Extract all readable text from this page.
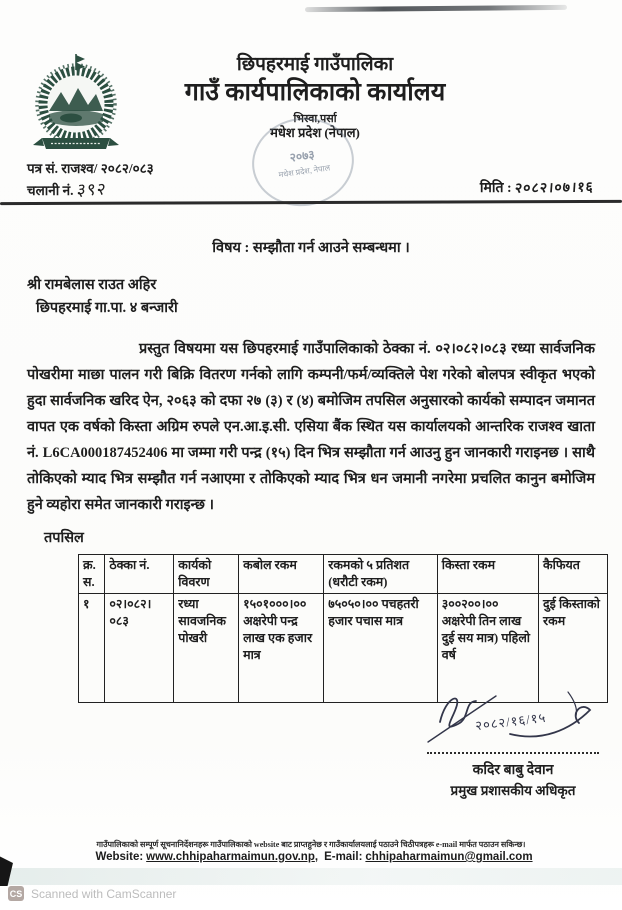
छिपहरमाई गाउँपालिका
गाउँ कार्यपालिकाको कार्यालय
भिस्वा,पर्सा
मधेश प्रदेश (नेपाल)
२०७३
मधेश प्रदेश, नेपाल
पत्र सं. राजश्व/ २०८२/०८३
चलानी नं. ३९२	मिति : २०८२।०७।१६
विषय : सम्झौता गर्न आउने सम्बन्धमा ।
श्री रामबेलास राउत अहिर
छिपहरमाई गा.पा. ४ बन्जारी

प्रस्तुत विषयमा यस छिपहरमाई गाउँपालिकाको ठेक्का नं. ०२।०८२।०८३ रध्या सार्वजनिक पोखरीमा माछा पालन गरी बिक्रि वितरण गर्नको लागि कम्पनी/फर्म/व्यक्तिले पेश गरेको बोलपत्र स्वीकृत भएको हुदा सार्वजनिक खरिद ऐन, २०६३ को दफा २७ (३) र (४) बमोजिम तपसिल अनुसारको कार्यको सम्पादन जमानत वापत एक वर्षको किस्ता अग्रिम रुपले एन.आ.इ.सी. एसिया बैंक स्थित यस कार्यालयको आन्तरिक राजश्व खाता नं. L6CA000187452406 मा जम्मा गरी पन्द्र (१५) दिन भित्र सम्झौता गर्न आउनु हुन जानकारी गराइनछ । साथै तोकिएको म्याद भित्र सम्झौत गर्न नआएमा र तोकिएको म्याद भित्र धन जमानी नगरेमा प्रचलित कानुन बमोजिम हुने व्यहोरा समेत जानकारी गराइन्छ ।

तपसिल
क्र. स.	ठेक्का नं.	कार्यको विवरण	कबोल रकम	रकमको ५ प्रतिशत (धरौटी रकम)	किस्ता रकम	कैफियत
१	०२।०८२।०८३	रध्या सावजनिक पोखरी	१५०१०००।०० अक्षरेपी पन्द्र लाख एक हजार मात्र	७५०५०।०० पचहतरी हजार पचास मात्र	३००२००।०० अक्षरेपी तिन लाख दुई सय मात्र) पहिलो वर्ष	दुई किस्ताको रकम
२०८२/१६/१५
कदिर बाबु देवान
प्रमुख प्रशासकीय अधिकृत
गाउँपालिकाको सम्पूर्ण सूचनानिर्देशनहरू गाउँपालिकाको website बाट प्राप्तहुनेछ र गाउँकार्यालयलाई पठाउने चिठीपत्रहरू e-mail मार्फत पठाउन सकिन्छ।
Website: www.chhipaharmaimun.gov.np, E-mail: chhipaharmaimun@gmail.com
CS Scanned with CamScanner
